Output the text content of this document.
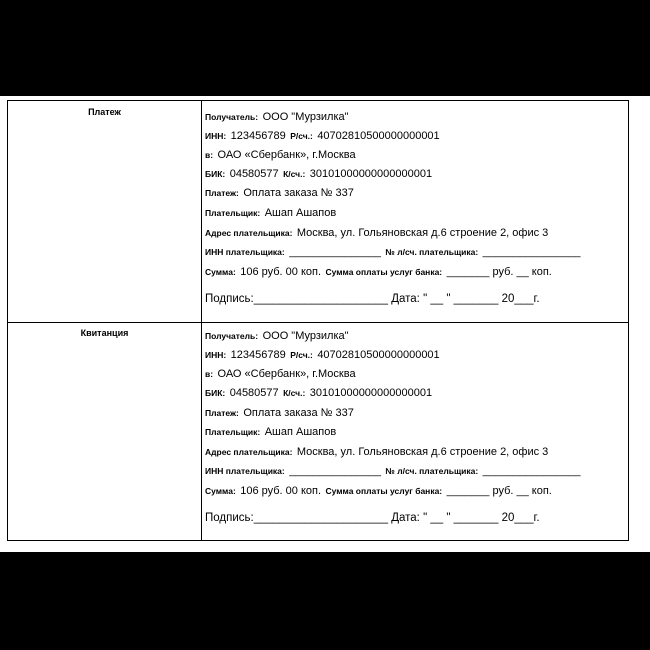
Платеж	Получатель: ООО "Мурзилка"
ИНН: 123456789 Р/сч.: 40702810500000000001
в: ОАО «Сбербанк», г.Москва
БИК: 04580577 К/сч.: 30101000000000000001
Платеж: Оплата заказа № 337
Плательщик: Ашап Ашапов
Адрес плательщика: Москва, ул. Гольяновская д.6 строение 2, офис 3
ИНН плательщика: _______________ № л/сч. плательщика: ________________
Сумма: 106 руб. 00 коп. Сумма оплаты услуг банка: _______ руб. __ коп.
Подпись:_____________________ Дата: " __ " _______ 20___г.
Квитанция	Получатель: ООО "Мурзилка"
ИНН: 123456789 Р/сч.: 40702810500000000001
в: ОАО «Сбербанк», г.Москва
БИК: 04580577 К/сч.: 30101000000000000001
Платеж: Оплата заказа № 337
Плательщик: Ашап Ашапов
Адрес плательщика: Москва, ул. Гольяновская д.6 строение 2, офис 3
ИНН плательщика: _______________ № л/сч. плательщика: ________________
Сумма: 106 руб. 00 коп. Сумма оплаты услуг банка: _______ руб. __ коп.
Подпись:_____________________ Дата: " __ " _______ 20___г.
